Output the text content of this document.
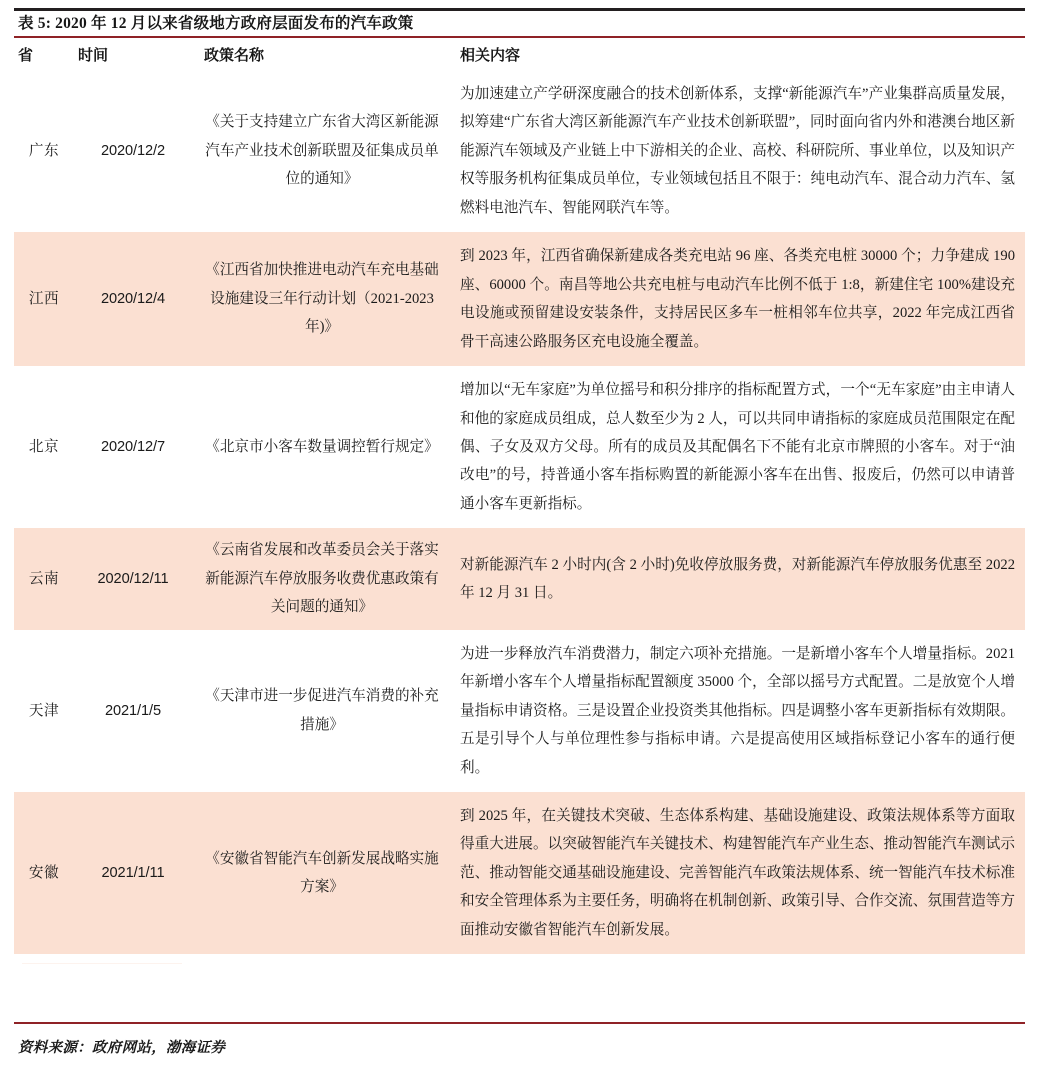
表 5: 2020 年 12 月以来省级地方政府层面发布的汽车政策
省	时间	政策名称	相关内容
广东	2020/12/2	《关于支持建立广东省大湾区新能源汽车产业技术创新联盟及征集成员单位的通知》	为加速建立产学研深度融合的技术创新体系，支撑“新能源汽车”产业集群高质量发展，拟筹建“广东省大湾区新能源汽车产业技术创新联盟”，同时面向省内外和港澳台地区新能源汽车领域及产业链上中下游相关的企业、高校、科研院所、事业单位，以及知识产权等服务机构征集成员单位，专业领域包括且不限于：纯电动汽车、混合动力汽车、氢燃料电池汽车、智能网联汽车等。
江西	2020/12/4	《江西省加快推进电动汽车充电基础设施建设三年行动计划（2021-2023 年)》	到 2023 年，江西省确保新建成各类充电站 96 座、各类充电桩 30000 个；力争建成 190 座、60000 个。南昌等地公共充电桩与电动汽车比例不低于 1:8，新建住宅 100%建设充电设施或预留建设安装条件，支持居民区多车一桩相邻车位共享，2022 年完成江西省骨干高速公路服务区充电设施全覆盖。
北京	2020/12/7	《北京市小客车数量调控暂行规定》	增加以“无车家庭”为单位摇号和积分排序的指标配置方式，一个“无车家庭”由主申请人和他的家庭成员组成，总人数至少为 2 人，可以共同申请指标的家庭成员范围限定在配偶、子女及双方父母。所有的成员及其配偶名下不能有北京市牌照的小客车。对于“油改电”的号，持普通小客车指标购置的新能源小客车在出售、报废后，仍然可以申请普通小客车更新指标。
云南	2020/12/11	《云南省发展和改革委员会关于落实新能源汽车停放服务收费优惠政策有关问题的通知》	对新能源汽车 2 小时内(含 2 小时)免收停放服务费，对新能源汽车停放服务优惠至 2022 年 12 月 31 日。
天津	2021/1/5	《天津市进一步促进汽车消费的补充措施》	为进一步释放汽车消费潜力，制定六项补充措施。一是新增小客车个人增量指标。2021 年新增小客车个人增量指标配置额度 35000 个，全部以摇号方式配置。二是放宽个人增量指标申请资格。三是设置企业投资类其他指标。四是调整小客车更新指标有效期限。五是引导个人与单位理性参与指标申请。六是提高使用区域指标登记小客车的通行便利。
安徽	2021/1/11	《安徽省智能汽车创新发展战略实施方案》	到 2025 年，在关键技术突破、生态体系构建、基础设施建设、政策法规体系等方面取得重大进展。以突破智能汽车关键技术、构建智能汽车产业生态、推动智能汽车测试示范、推动智能交通基础设施建设、完善智能汽车政策法规体系、统一智能汽车技术标准和安全管理体系为主要任务，明确将在机制创新、政策引导、合作交流、氛围营造等方面推动安徽省智能汽车创新发展。
资料来源：政府网站，渤海证券
